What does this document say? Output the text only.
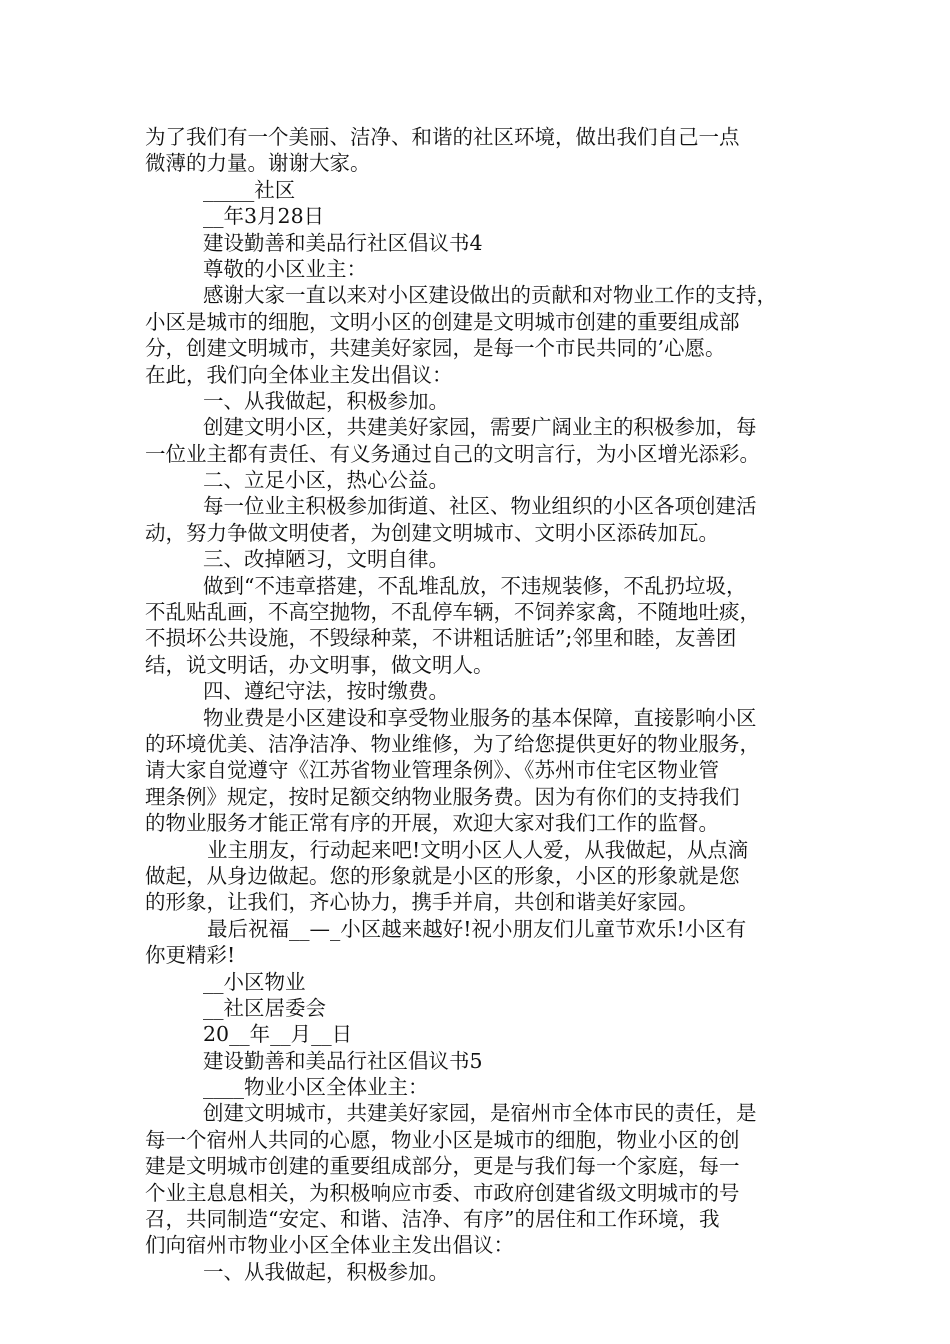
为了我们有一个美丽、洁净、和谐的社区环境，做出我们自己一点
微薄的力量。谢谢大家。
_____社区
__年3月28日
建设勤善和美品行社区倡议书4
尊敬的小区业主：
感谢大家一直以来对小区建设做出的贡献和对物业工作的支持，
小区是城市的细胞，文明小区的创建是文明城市创建的重要组成部
分，创建文明城市，共建美好家园，是每一个市民共同的’心愿。
在此，我们向全体业主发出倡议：
一、从我做起，积极参加。
创建文明小区，共建美好家园，需要广阔业主的积极参加，每
一位业主都有责任、有义务通过自己的文明言行，为小区增光添彩。
二、立足小区，热心公益。
每一位业主积极参加街道、社区、物业组织的小区各项创建活
动，努力争做文明使者，为创建文明城市、文明小区添砖加瓦。
三、改掉陋习，文明自律。
做到“不违章搭建，不乱堆乱放，不违规装修，不乱扔垃圾，
不乱贴乱画，不高空抛物，不乱停车辆，不饲养家禽，不随地吐痰，
不损坏公共设施，不毁绿种菜，不讲粗话脏话”;邻里和睦，友善团
结，说文明话，办文明事，做文明人。
四、遵纪守法，按时缴费。
物业费是小区建设和享受物业服务的基本保障，直接影响小区
的环境优美、洁净洁净、物业维修，为了给您提供更好的物业服务，
请大家自觉遵守《江苏省物业管理条例》、《苏州市住宅区物业管
理条例》规定，按时足额交纳物业服务费。因为有你们的支持我们
的物业服务才能正常有序的开展，欢迎大家对我们工作的监督。
业主朋友，行动起来吧!文明小区人人爱，从我做起，从点滴
做起，从身边做起。您的形象就是小区的形象，小区的形象就是您
的形象，让我们，齐心协力，携手并肩，共创和谐美好家园。
最后祝福__—_小区越来越好!祝小朋友们儿童节欢乐!小区有
你更精彩!
__小区物业
__社区居委会
20__年__月__日
建设勤善和美品行社区倡议书5
____物业小区全体业主：
创建文明城市，共建美好家园，是宿州市全体市民的责任，是
每一个宿州人共同的心愿，物业小区是城市的细胞，物业小区的创
建是文明城市创建的重要组成部分，更是与我们每一个家庭，每一
个业主息息相关，为积极响应市委、市政府创建省级文明城市的号
召，共同制造“安定、和谐、洁净、有序”的居住和工作环境，我
们向宿州市物业小区全体业主发出倡议：
一、从我做起，积极参加。
